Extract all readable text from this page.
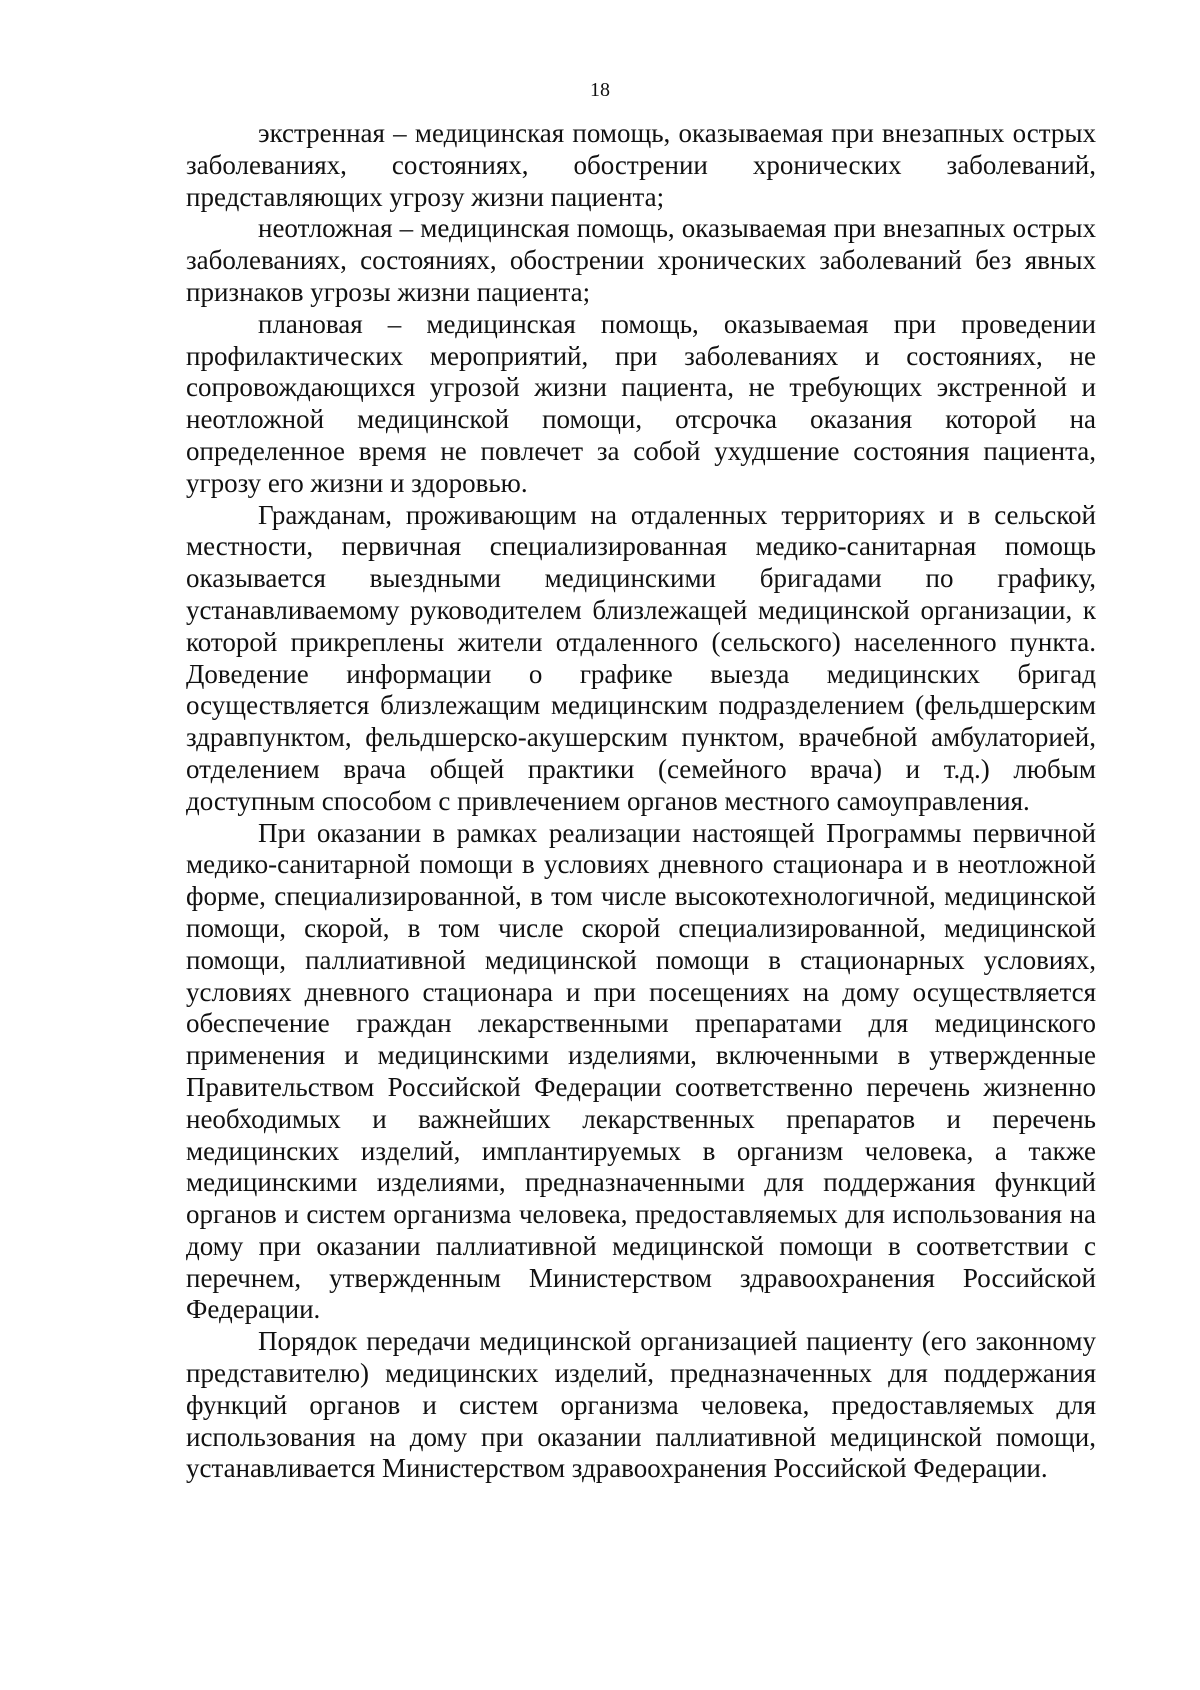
18

экстренная – медицинская помощь, оказываемая при внезапных острых заболеваниях, состояниях, обострении хронических заболеваний, представляющих угрозу жизни пациента;

неотложная – медицинская помощь, оказываемая при внезапных острых заболеваниях, состояниях, обострении хронических заболеваний без явных признаков угрозы жизни пациента;

плановая – медицинская помощь, оказываемая при проведении профилактических мероприятий, при заболеваниях и состояниях, не сопровождающихся угрозой жизни пациента, не требующих экстренной и неотложной медицинской помощи, отсрочка оказания которой на определенное время не повлечет за собой ухудшение состояния пациента, угрозу его жизни и здоровью.

Гражданам, проживающим на отдаленных территориях и в сельской местности, первичная специализированная медико-санитарная помощь оказывается выездными медицинскими бригадами по графику, устанавливаемому руководителем близлежащей медицинской организации, к которой прикреплены жители отдаленного (сельского) населенного пункта. Доведение информации о графике выезда медицинских бригад осуществляется близлежащим медицинским подразделением (фельдшерским здравпунктом, фельдшерско-акушерским пунктом, врачебной амбулаторией, отделением врача общей практики (семейного врача) и т.д.) любым доступным способом с привлечением органов местного самоуправления.

При оказании в рамках реализации настоящей Программы первичной медико-санитарной помощи в условиях дневного стационара и в неотложной форме, специализированной, в том числе высокотехнологичной, медицинской помощи, скорой, в том числе скорой специализированной, медицинской помощи, паллиативной медицинской помощи в стационарных условиях, условиях дневного стационара и при посещениях на дому осуществляется обеспечение граждан лекарственными препаратами для медицинского применения и медицинскими изделиями, включенными в утвержденные Правительством Российской Федерации соответственно перечень жизненно необходимых и важнейших лекарственных препаратов и перечень медицинских изделий, имплантируемых в организм человека, а также медицинскими изделиями, предназначенными для поддержания функций органов и систем организма человека, предоставляемых для использования на дому при оказании паллиативной медицинской помощи в соответствии с перечнем, утвержденным Министерством здравоохранения Российской Федерации.

Порядок передачи медицинской организацией пациенту (его законному представителю) медицинских изделий, предназначенных для поддержания функций органов и систем организма человека, предоставляемых для использования на дому при оказании паллиативной медицинской помощи, устанавливается Министерством здравоохранения Российской Федерации.
